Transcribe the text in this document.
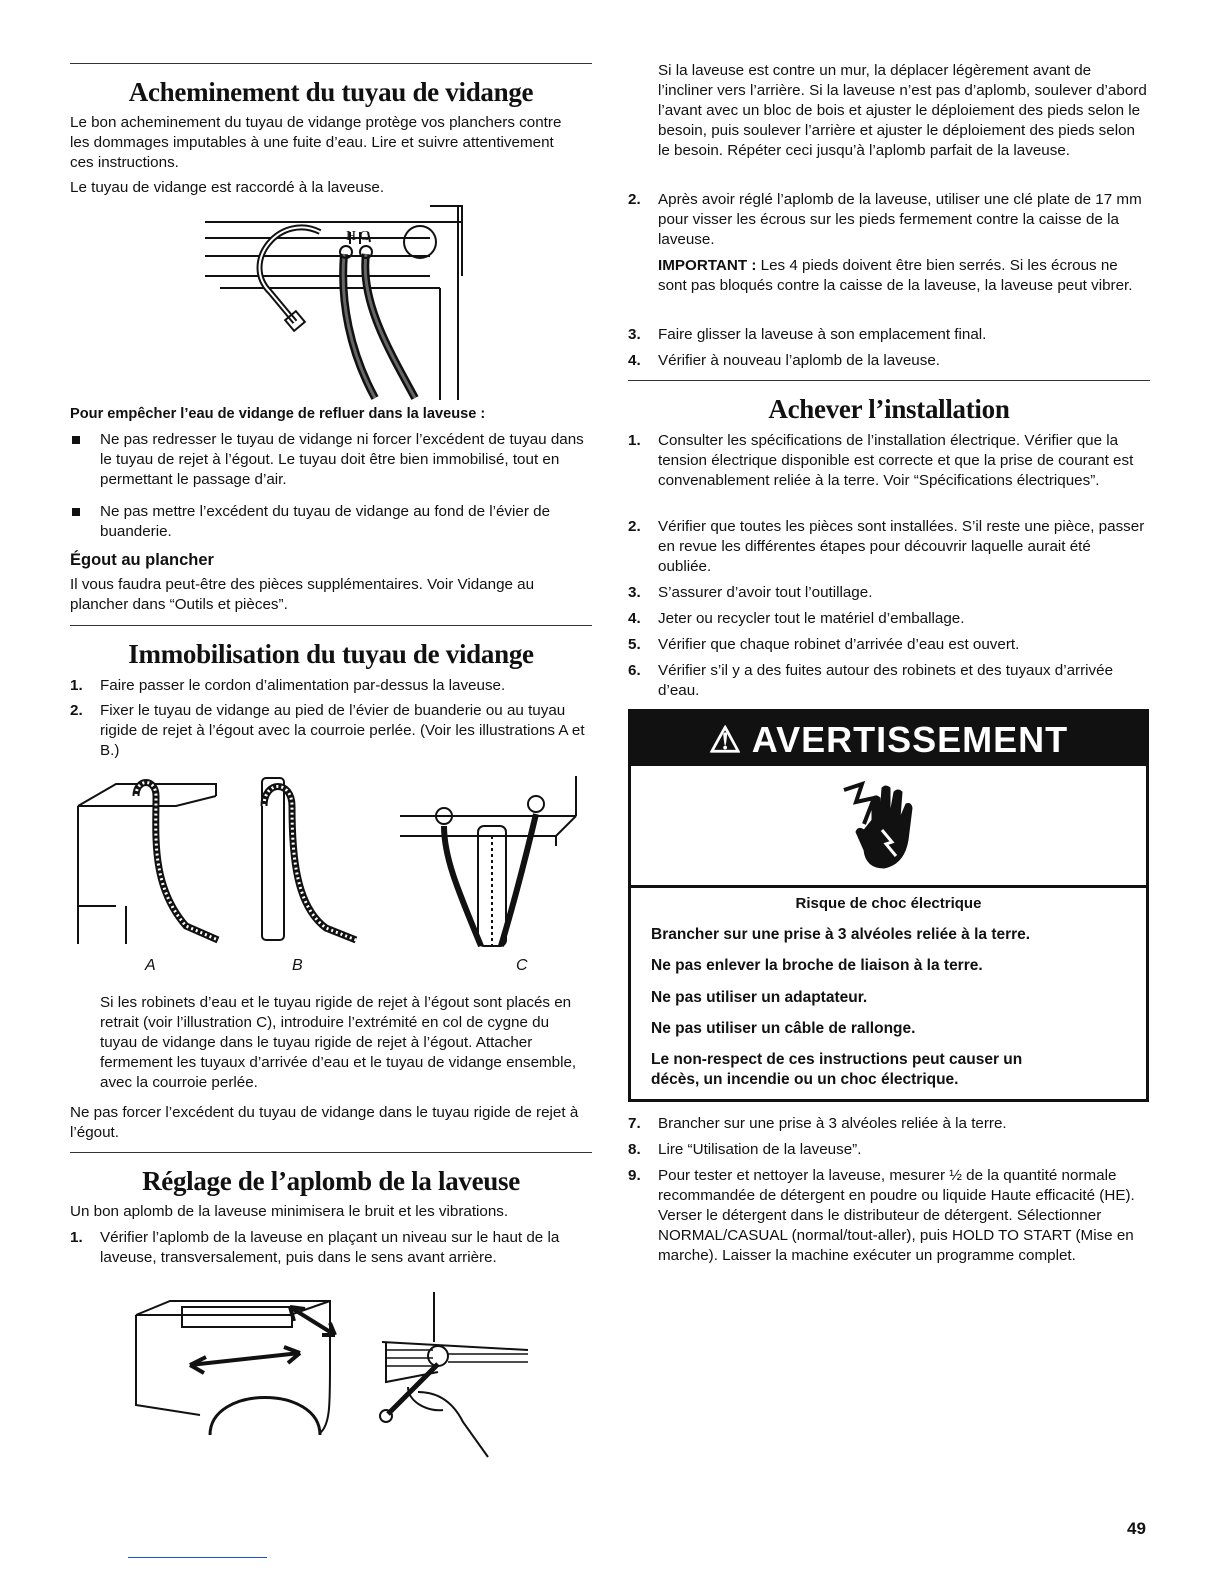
Acheminement du tuyau de vidange
Le bon acheminement du tuyau de vidange protège vos planchers contre les dommages imputables à une fuite d’eau. Lire et suivre attentivement ces instructions.
Le tuyau de vidange est raccordé à la laveuse.
H C
Pour empêcher l’eau de vidange de refluer dans la laveuse :
Ne pas redresser le tuyau de vidange ni forcer l’excédent de tuyau dans le tuyau de rejet à l’égout. Le tuyau doit être bien immobilisé, tout en permettant le passage d’air.
Ne pas mettre l’excédent du tuyau de vidange au fond de l’évier de buanderie.
Égout au plancher
Il vous faudra peut-être des pièces supplémentaires. Voir Vidange au plancher dans “Outils et pièces”.
Immobilisation du tuyau de vidange
1. Faire passer le cordon d’alimentation par-dessus la laveuse.
2. Fixer le tuyau de vidange au pied de l’évier de buanderie ou au tuyau rigide de rejet à l’égout avec la courroie perlée. (Voir les illustrations A et B.)
A	B	C
Si les robinets d’eau et le tuyau rigide de rejet à l’égout sont placés en retrait (voir l’illustration C), introduire l’extrémité en col de cygne du tuyau de vidange dans le tuyau rigide de rejet à l’égout. Attacher fermement les tuyaux d’arrivée d’eau et le tuyau de vidange ensemble, avec la courroie perlée.
Ne pas forcer l’excédent du tuyau de vidange dans le tuyau rigide de rejet à l’égout.
Réglage de l’aplomb de la laveuse
Un bon aplomb de la laveuse minimisera le bruit et les vibrations.
1. Vérifier l’aplomb de la laveuse en plaçant un niveau sur le haut de la laveuse, transversalement, puis dans le sens avant arrière.
Si la laveuse est contre un mur, la déplacer légèrement avant de l’incliner vers l’arrière. Si la laveuse n’est pas d’aplomb, soulever d’abord l’avant avec un bloc de bois et ajuster le déploiement des pieds selon le besoin, puis soulever l’arrière et ajuster le déploiement des pieds selon le besoin. Répéter ceci jusqu’à l’aplomb parfait de la laveuse.
2. Après avoir réglé l’aplomb de la laveuse, utiliser une clé plate de 17 mm pour visser les écrous sur les pieds fermement contre la caisse de la laveuse.
IMPORTANT : Les 4 pieds doivent être bien serrés. Si les écrous ne sont pas bloqués contre la caisse de la laveuse, la laveuse peut vibrer.
3. Faire glisser la laveuse à son emplacement final.
4. Vérifier à nouveau l’aplomb de la laveuse.
Achever l’installation
1. Consulter les spécifications de l’installation électrique. Vérifier que la tension électrique disponible est correcte et que la prise de courant est convenablement reliée à la terre. Voir “Spécifications électriques”.
2. Vérifier que toutes les pièces sont installées. S’il reste une pièce, passer en revue les différentes étapes pour découvrir laquelle aurait été oubliée.
3. S’assurer d’avoir tout l’outillage.
4. Jeter ou recycler tout le matériel d’emballage.
5. Vérifier que chaque robinet d’arrivée d’eau est ouvert.
6. Vérifier s’il y a des fuites autour des robinets et des tuyaux d’arrivée d’eau.
⚠ AVERTISSEMENT
Risque de choc électrique
Brancher sur une prise à 3 alvéoles reliée à la terre.
Ne pas enlever la broche de liaison à la terre.
Ne pas utiliser un adaptateur.
Ne pas utiliser un câble de rallonge.
Le non-respect de ces instructions peut causer un décès, un incendie ou un choc électrique.
7. Brancher sur une prise à 3 alvéoles reliée à la terre.
8. Lire “Utilisation de la laveuse”.
9. Pour tester et nettoyer la laveuse, mesurer ½ de la quantité normale recommandée de détergent en poudre ou liquide Haute efficacité (HE). Verser le détergent dans le distributeur de détergent. Sélectionner NORMAL/CASUAL (normal/tout-aller), puis HOLD TO START (Mise en marche). Laisser la machine exécuter un programme complet.
49
